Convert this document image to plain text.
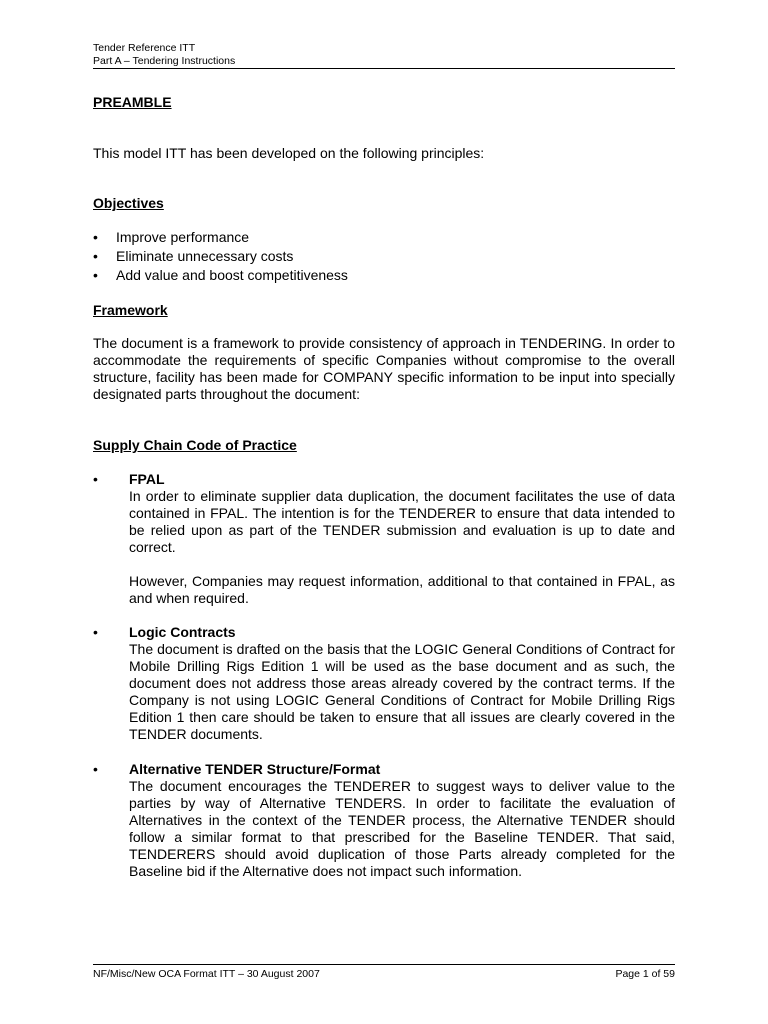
Tender Reference ITT
Part A – Tendering Instructions
PREAMBLE
This model ITT has been developed on the following principles:
Objectives
• Improve performance
• Eliminate unnecessary costs
• Add value and boost competitiveness
Framework
The document is a framework to provide consistency of approach in TENDERING. In order to accommodate the requirements of specific Companies without compromise to the overall structure, facility has been made for COMPANY specific information to be input into specially designated parts throughout the document:
Supply Chain Code of Practice
• FPAL
In order to eliminate supplier data duplication, the document facilitates the use of data contained in FPAL. The intention is for the TENDERER to ensure that data intended to be relied upon as part of the TENDER submission and evaluation is up to date and correct.
However, Companies may request information, additional to that contained in FPAL, as and when required.
• Logic Contracts
The document is drafted on the basis that the LOGIC General Conditions of Contract for Mobile Drilling Rigs Edition 1 will be used as the base document and as such, the document does not address those areas already covered by the contract terms. If the Company is not using LOGIC General Conditions of Contract for Mobile Drilling Rigs Edition 1 then care should be taken to ensure that all issues are clearly covered in the TENDER documents.
• Alternative TENDER Structure/Format
The document encourages the TENDERER to suggest ways to deliver value to the parties by way of Alternative TENDERS. In order to facilitate the evaluation of Alternatives in the context of the TENDER process, the Alternative TENDER should follow a similar format to that prescribed for the Baseline TENDER. That said, TENDERERS should avoid duplication of those Parts already completed for the Baseline bid if the Alternative does not impact such information.
NF/Misc/New OCA Format ITT – 30 August 2007	Page 1 of 59
